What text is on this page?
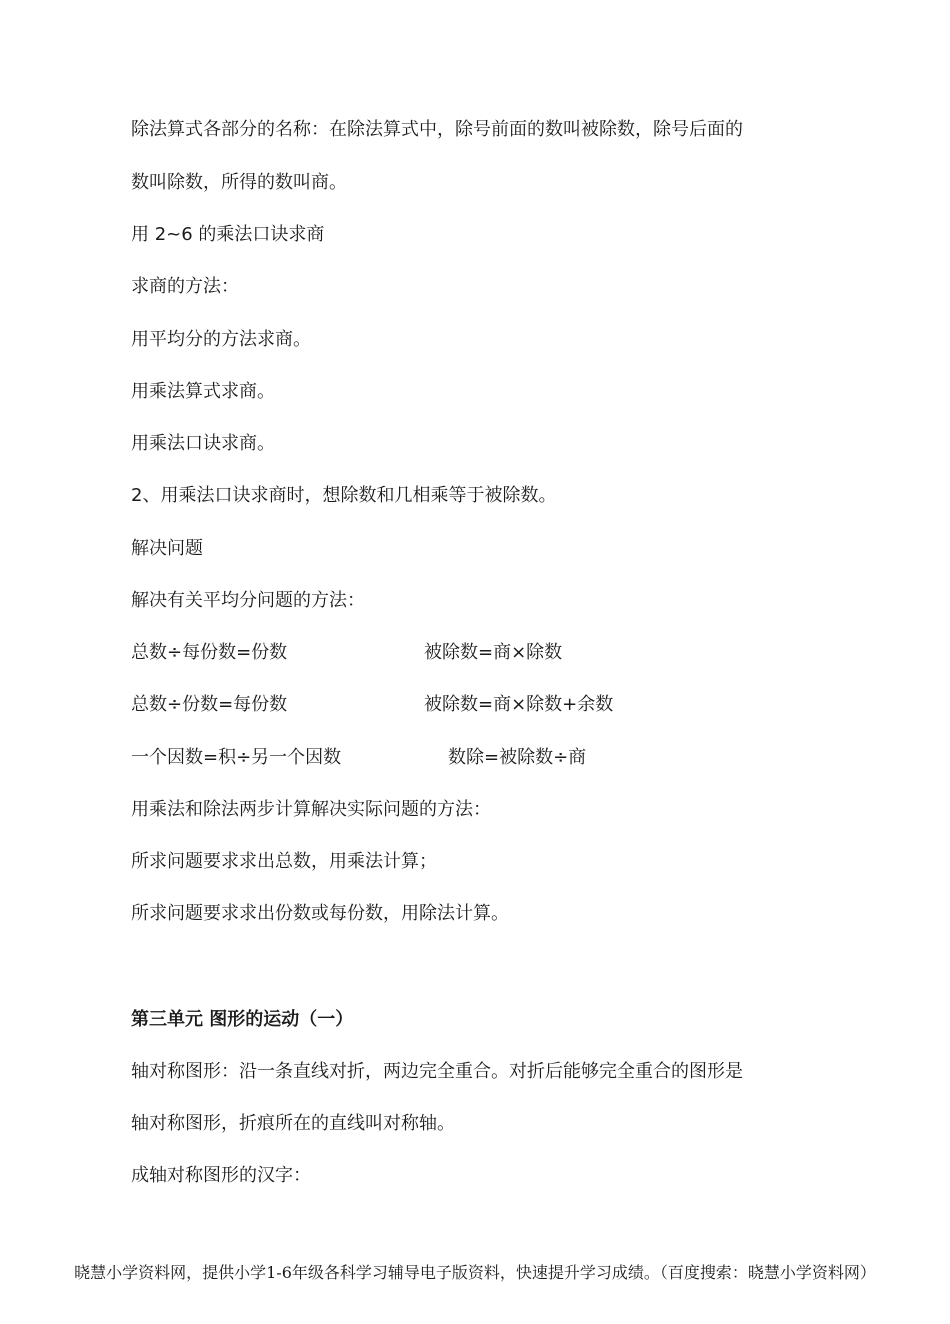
除法算式各部分的名称：在除法算式中，除号前面的数叫被除数，除号后面的
数叫除数，所得的数叫商。
用 2~6 的乘法口诀求商
求商的方法：
用平均分的方法求商。
用乘法算式求商。
用乘法口诀求商。
2、用乘法口诀求商时，想除数和几相乘等于被除数。
解决问题
解决有关平均分问题的方法：
总数÷每份数=份数	被除数=商×除数
总数÷份数=每份数	被除数=商×除数+余数
一个因数=积÷另一个因数	数除=被除数÷商
用乘法和除法两步计算解决实际问题的方法：
所求问题要求求出总数，用乘法计算；
所求问题要求求出份数或每份数，用除法计算。
第三单元 图形的运动（一）
轴对称图形：沿一条直线对折，两边完全重合。对折后能够完全重合的图形是
轴对称图形，折痕所在的直线叫对称轴。
成轴对称图形的汉字：
晓慧小学资料网，提供小学1-6年级各科学习辅导电子版资料，快速提升学习成绩。（百度搜索：晓慧小学资料网）
